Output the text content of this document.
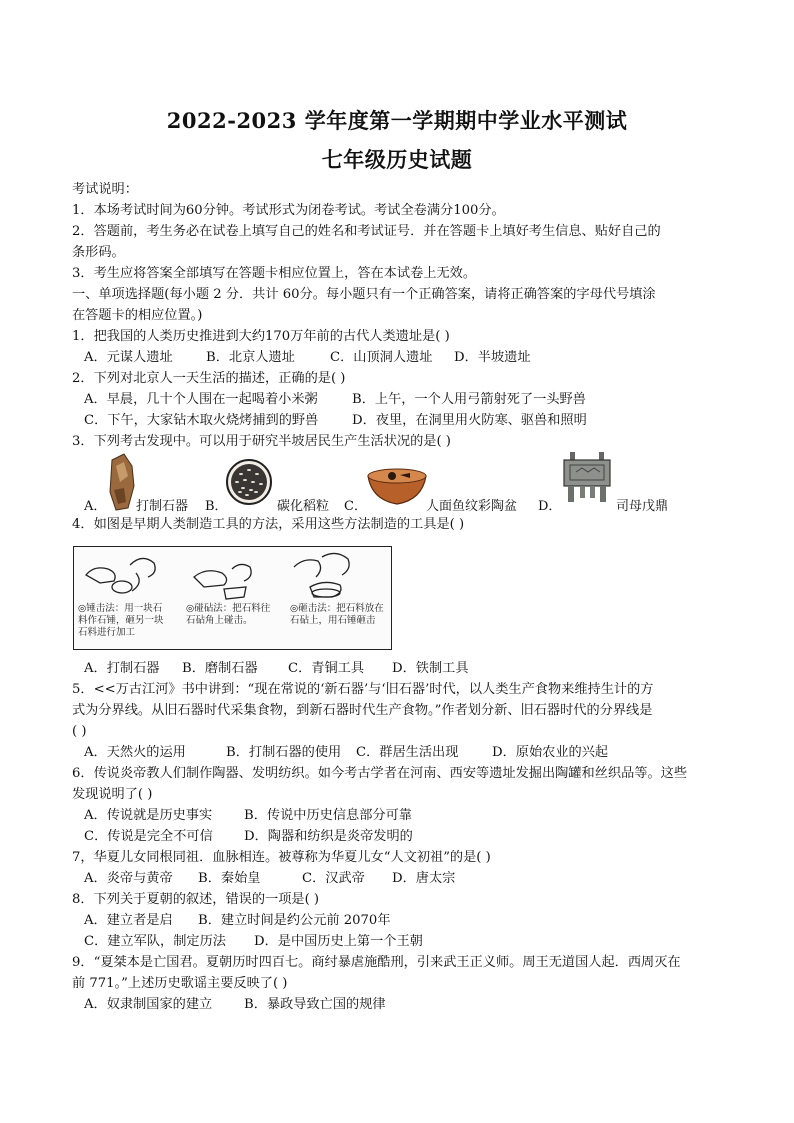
2022-2023 学年度第一学期期中学业水平测试
七年级历史试题
考试说明：
1．本场考试时间为60分钟。考试形式为闭卷考试。考试全卷满分100分。
2．答题前，考生务必在试卷上填写自己的姓名和考试证号．并在答题卡上填好考生信息、贴好自己的
条形码。
3．考生应将答案全部填写在答题卡相应位置上，答在本试卷上无效。
一、单项选择题(每小题 2 分．共计 60分。每小题只有一个正确答案，请将正确答案的字母代号填涂
在答题卡的相应位置。)
1．把我国的人类历史推进到大约170万年前的古代人类遗址是( )
A．元谋人遗址	B．北京人遗址	C．山顶洞人遗址 D．半坡遗址
2．下列对北京人一天生活的描述，正确的是( )
A．早晨，几十个人围在一起喝着小米粥	B．上午，一个人用弓箭射死了一头野兽
C．下午，大家钻木取火烧烤捕到的野兽	D．夜里，在洞里用火防寒、驱兽和照明
3．下列考古发现中。可以用于研究半坡居民生产生活状况的是( )
A． 打制石器 B．	碳化稻粒 C．	人面鱼纹彩陶盆 D．	司母戊鼎
4．如图是早期人类制造工具的方法，采用这些方法制造的工具是( )
◎锤击法：用一块石料作石锤，砸另一块石料进行加工
◎碰砧法：把石料往石砧角上碰击。
◎砸击法：把石料放在石砧上，用石锤砸击
A．打制石器 B．磨制石器 C．青铜工具 D．铁制工具
5．<<万古江河》书中讲到：“现在常说的‘新石器’与‘旧石器’时代，以人类生产食物来维持生计的方
式为分界线。从旧石器时代采集食物，到新石器时代生产食物。”作者划分新、旧石器时代的分界线是
( )
A．天然火的运用	B．打制石器的使用 C．群居生活出现	D．原始农业的兴起
6．传说炎帝教人们制作陶器、发明纺织。如今考古学者在河南、西安等遗址发掘出陶罐和丝织品等。这些
发现说明了( )
A．传说就是历史事实 B．传说中历史信息部分可靠
C．传说是完全不可信 D．陶器和纺织是炎帝发明的
7，华夏儿女同根同祖．血脉相连。被尊称为华夏儿女“人文初祖”的是( )
A．炎帝与黄帝 B．秦始皇	C．汉武帝 D．唐太宗
8．下列关于夏朝的叙述，错误的一项是( )
A．建立者是启 B．建立时间是约公元前 2070年
C．建立军队，制定历法 D．是中国历史上第一个王朝
9．“夏桀本是亡国君。夏朝历时四百七。商纣暴虐施酷刑，引来武王正义师。周王无道国人起．西周灭在
前 771。”上述历史歌谣主要反映了( )
A．奴隶制国家的建立 B．暴政导致亡国的规律
